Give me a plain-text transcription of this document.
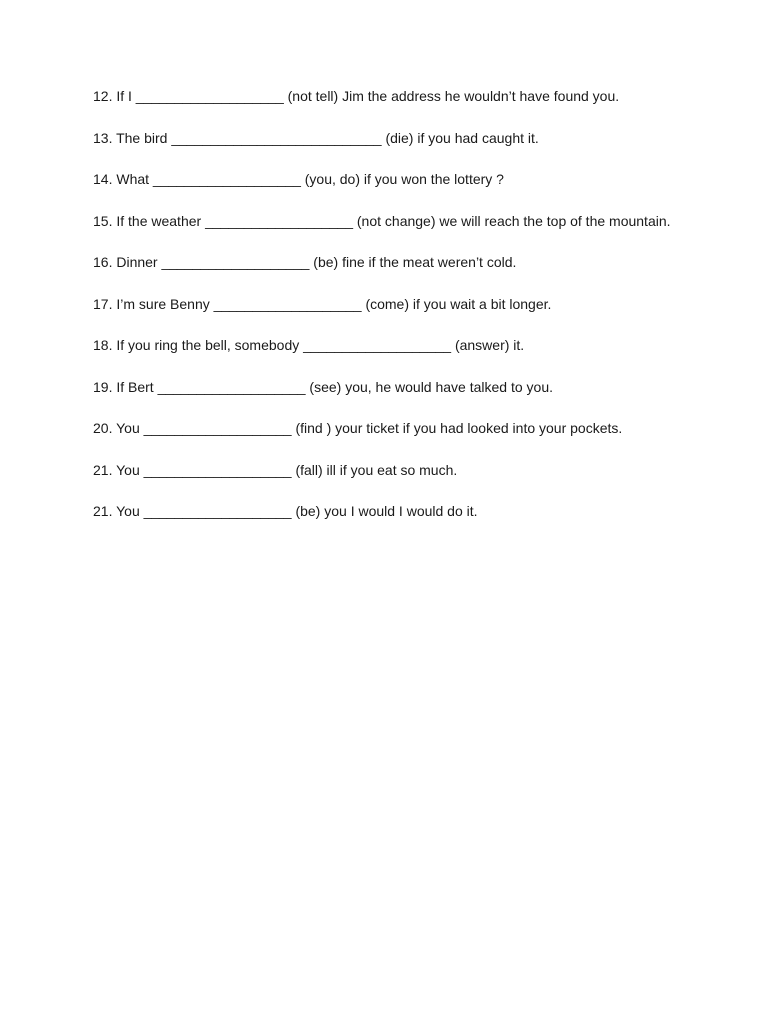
12. If I ___________________ (not tell) Jim the address he wouldn’t have found you.

13. The bird ___________________________ (die) if you had caught it.

14. What ___________________ (you, do) if you won the lottery ?

15. If the weather ___________________ (not change) we will reach the top of the mountain.

16. Dinner ___________________ (be) fine if the meat weren’t cold.

17. I’m sure Benny ___________________ (come) if you wait a bit longer.

18. If you ring the bell, somebody ___________________ (answer) it.

19. If Bert ___________________ (see) you, he would have talked to you.

20. You ___________________ (find ) your ticket if you had looked into your pockets.

21. You ___________________ (fall) ill if you eat so much.

21. You ___________________ (be) you I would I would do it.
